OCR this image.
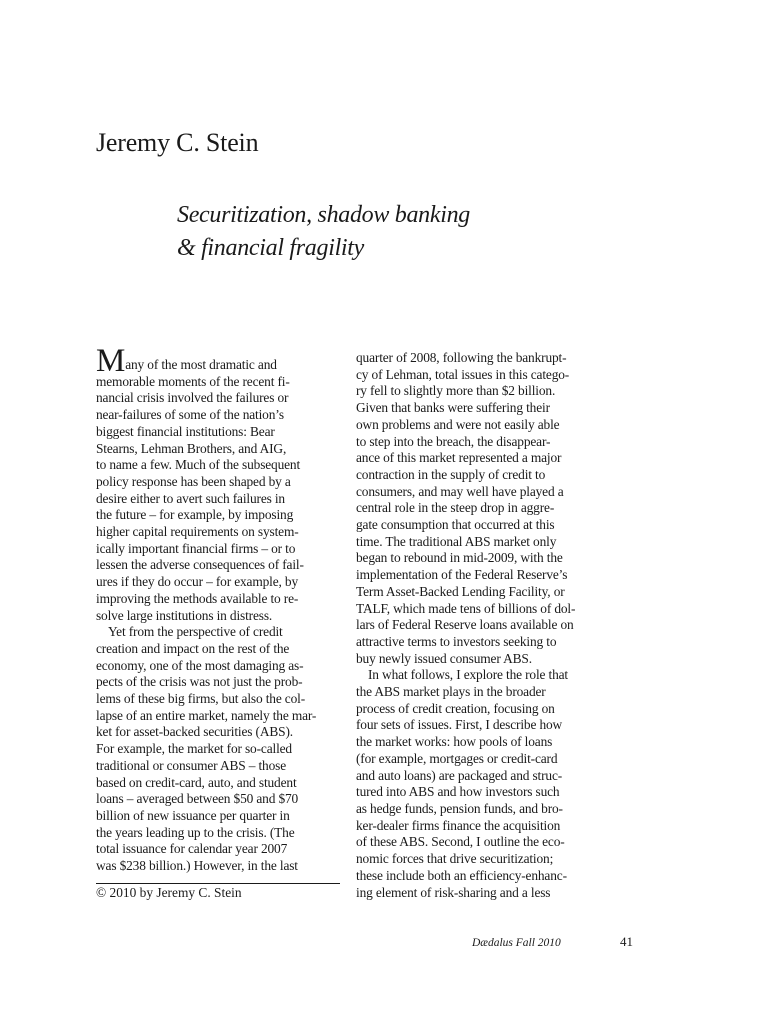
Jeremy C. Stein
Securitization, shadow banking
& financial fragility
Many of the most dramatic and
memorable moments of the recent fi-
nancial crisis involved the failures or
near-failures of some of the nation’s
biggest financial institutions: Bear
Stearns, Lehman Brothers, and AIG,
to name a few. Much of the subsequent
policy response has been shaped by a
desire either to avert such failures in
the future – for example, by imposing
higher capital requirements on system-
ically important financial firms – or to
lessen the adverse consequences of fail-
ures if they do occur – for example, by
improving the methods available to re-
solve large institutions in distress.
Yet from the perspective of credit
creation and impact on the rest of the
economy, one of the most damaging as-
pects of the crisis was not just the prob-
lems of these big firms, but also the col-
lapse of an entire market, namely the mar-
ket for asset-backed securities (ABS).
For example, the market for so-called
traditional or consumer ABS – those
based on credit-card, auto, and student
loans – averaged between $50 and $70
billion of new issuance per quarter in
the years leading up to the crisis. (The
total issuance for calendar year 2007
was $238 billion.) However, in the last
quarter of 2008, following the bankrupt-
cy of Lehman, total issues in this catego-
ry fell to slightly more than $2 billion.
Given that banks were suffering their
own problems and were not easily able
to step into the breach, the disappear-
ance of this market represented a major
contraction in the supply of credit to
consumers, and may well have played a
central role in the steep drop in aggre-
gate consumption that occurred at this
time. The traditional ABS market only
began to rebound in mid-2009, with the
implementation of the Federal Reserve’s
Term Asset-Backed Lending Facility, or
TALF, which made tens of billions of dol-
lars of Federal Reserve loans available on
attractive terms to investors seeking to
buy newly issued consumer ABS.
In what follows, I explore the role that
the ABS market plays in the broader
process of credit creation, focusing on
four sets of issues. First, I describe how
the market works: how pools of loans
(for example, mortgages or credit-card
and auto loans) are packaged and struc-
tured into ABS and how investors such
as hedge funds, pension funds, and bro-
ker-dealer firms finance the acquisition
of these ABS. Second, I outline the eco-
nomic forces that drive securitization;
these include both an efficiency-enhanc-
ing element of risk-sharing and a less
© 2010 by Jeremy C. Stein
Dædalus Fall 2010	41
